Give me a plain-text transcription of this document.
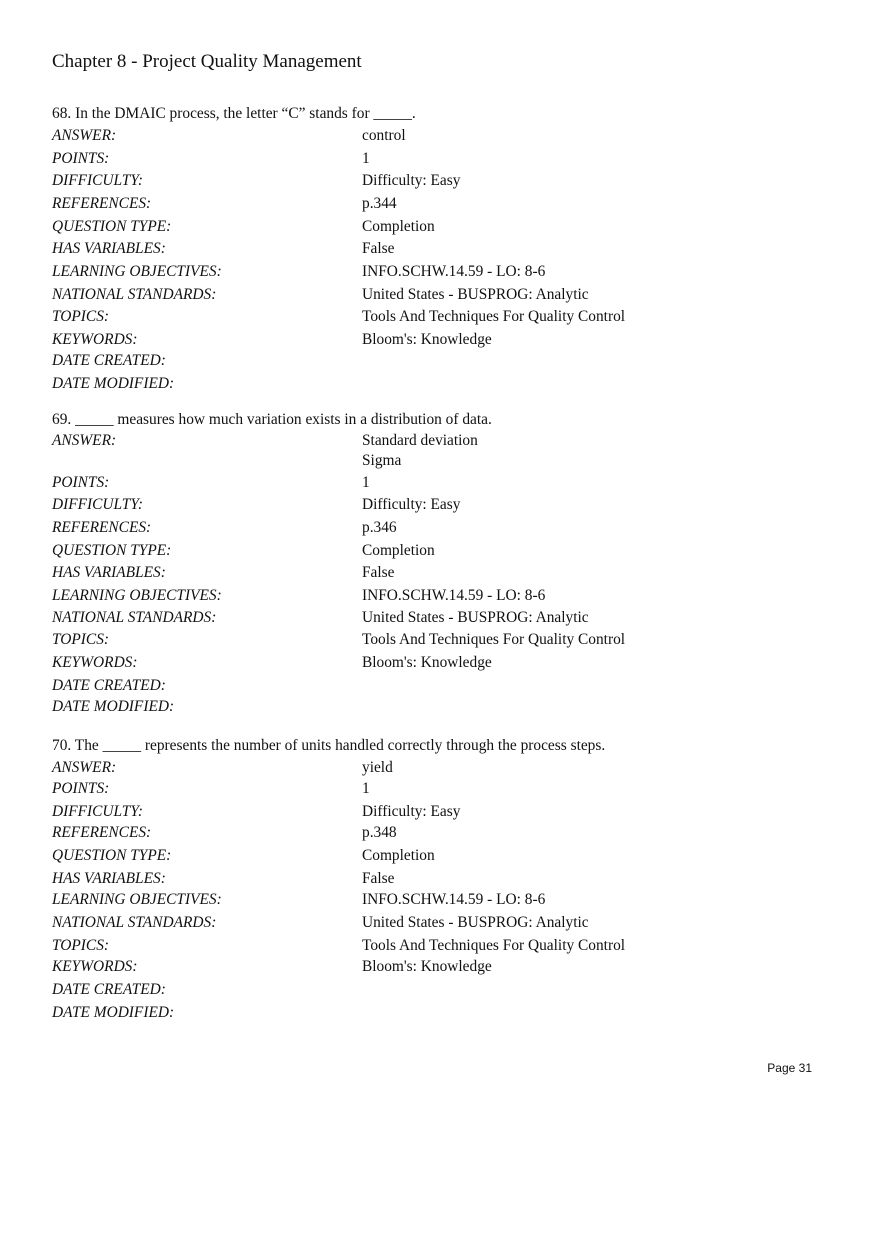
Chapter 8 - Project Quality Management
68. In the DMAIC process, the letter “C” stands for _____.
ANSWER:	control
POINTS:	1
DIFFICULTY:	Difficulty: Easy
REFERENCES:	p.344
QUESTION TYPE:	Completion
HAS VARIABLES:	False
LEARNING OBJECTIVES:	INFO.SCHW.14.59 - LO: 8-6
NATIONAL STANDARDS:	United States - BUSPROG: Analytic
TOPICS:	Tools And Techniques For Quality Control
KEYWORDS:	Bloom's: Knowledge
DATE CREATED:
DATE MODIFIED:
69. _____ measures how much variation exists in a distribution of data.
ANSWER:	Standard deviation
Sigma
POINTS:	1
DIFFICULTY:	Difficulty: Easy
REFERENCES:	p.346
QUESTION TYPE:	Completion
HAS VARIABLES:	False
LEARNING OBJECTIVES:	INFO.SCHW.14.59 - LO: 8-6
NATIONAL STANDARDS:	United States - BUSPROG: Analytic
TOPICS:	Tools And Techniques For Quality Control
KEYWORDS:	Bloom's: Knowledge
DATE CREATED:
DATE MODIFIED:
70. The _____ represents the number of units handled correctly through the process steps.
ANSWER:	yield
POINTS:	1
DIFFICULTY:	Difficulty: Easy
REFERENCES:	p.348
QUESTION TYPE:	Completion
HAS VARIABLES:	False
LEARNING OBJECTIVES:	INFO.SCHW.14.59 - LO: 8-6
NATIONAL STANDARDS:	United States - BUSPROG: Analytic
TOPICS:	Tools And Techniques For Quality Control
KEYWORDS:	Bloom's: Knowledge
DATE CREATED:
DATE MODIFIED:
Page 31
